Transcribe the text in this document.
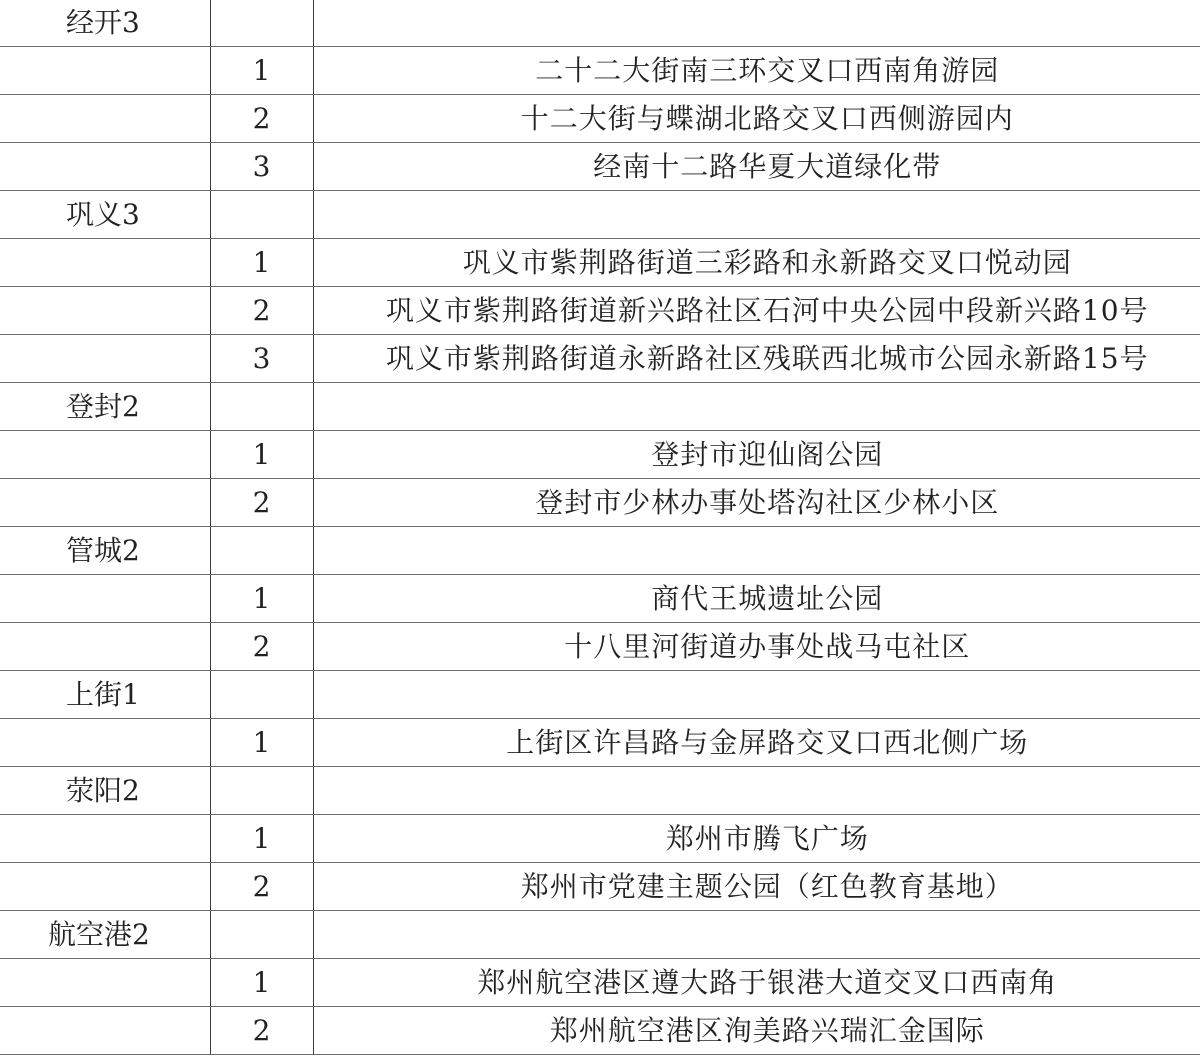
经开3		
	1	二十二大街南三环交叉口西南角游园
	2	十二大街与蝶湖北路交叉口西侧游园内
	3	经南十二路华夏大道绿化带
巩义3		
	1	巩义市紫荆路街道三彩路和永新路交叉口悦动园
	2	巩义市紫荆路街道新兴路社区石河中央公园中段新兴路10号
	3	巩义市紫荆路街道永新路社区残联西北城市公园永新路15号
登封2		
	1	登封市迎仙阁公园
	2	登封市少林办事处塔沟社区少林小区
管城2		
	1	商代王城遗址公园
	2	十八里河街道办事处战马屯社区
上街1		
	1	上街区许昌路与金屏路交叉口西北侧广场
荥阳2		
	1	郑州市腾飞广场
	2	郑州市党建主题公园（红色教育基地）
航空港2		
	1	郑州航空港区遵大路于银港大道交叉口西南角
	2	郑州航空港区洵美路兴瑞汇金国际
